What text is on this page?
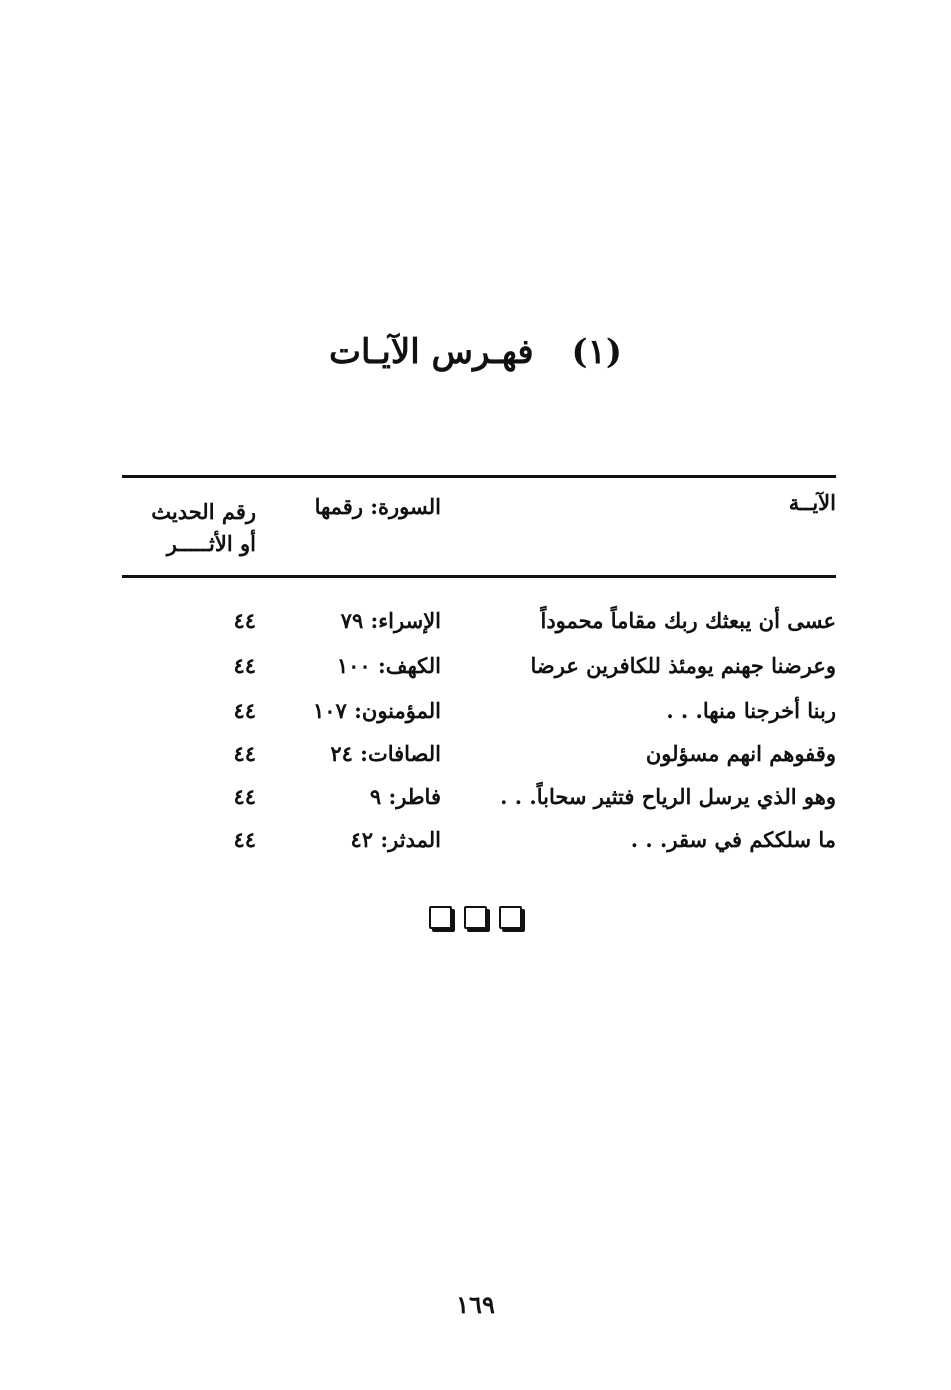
(١) فهـرس الآيـات
الآيــة
السورة: رقمها
رقم الحديث
أو الأثـــــر
عسى أن يبعثك ربك مقاماً محموداً
الإسراء: ٧٩
٤٤
وعرضنا جهنم يومئذ للكافرين عرضا
الكهف: ١٠٠
٤٤
ربنا أخرجنا منها. . .
المؤمنون: ١٠٧
٤٤
وقفوهم انهم مسؤلون
الصافات: ٢٤
٤٤
وهو الذي يرسل الرياح فتثير سحاباً. . .
فاطر: ٩
٤٤
ما سلككم في سقر. . .
المدثر: ٤٢
٤٤
١٦٩
